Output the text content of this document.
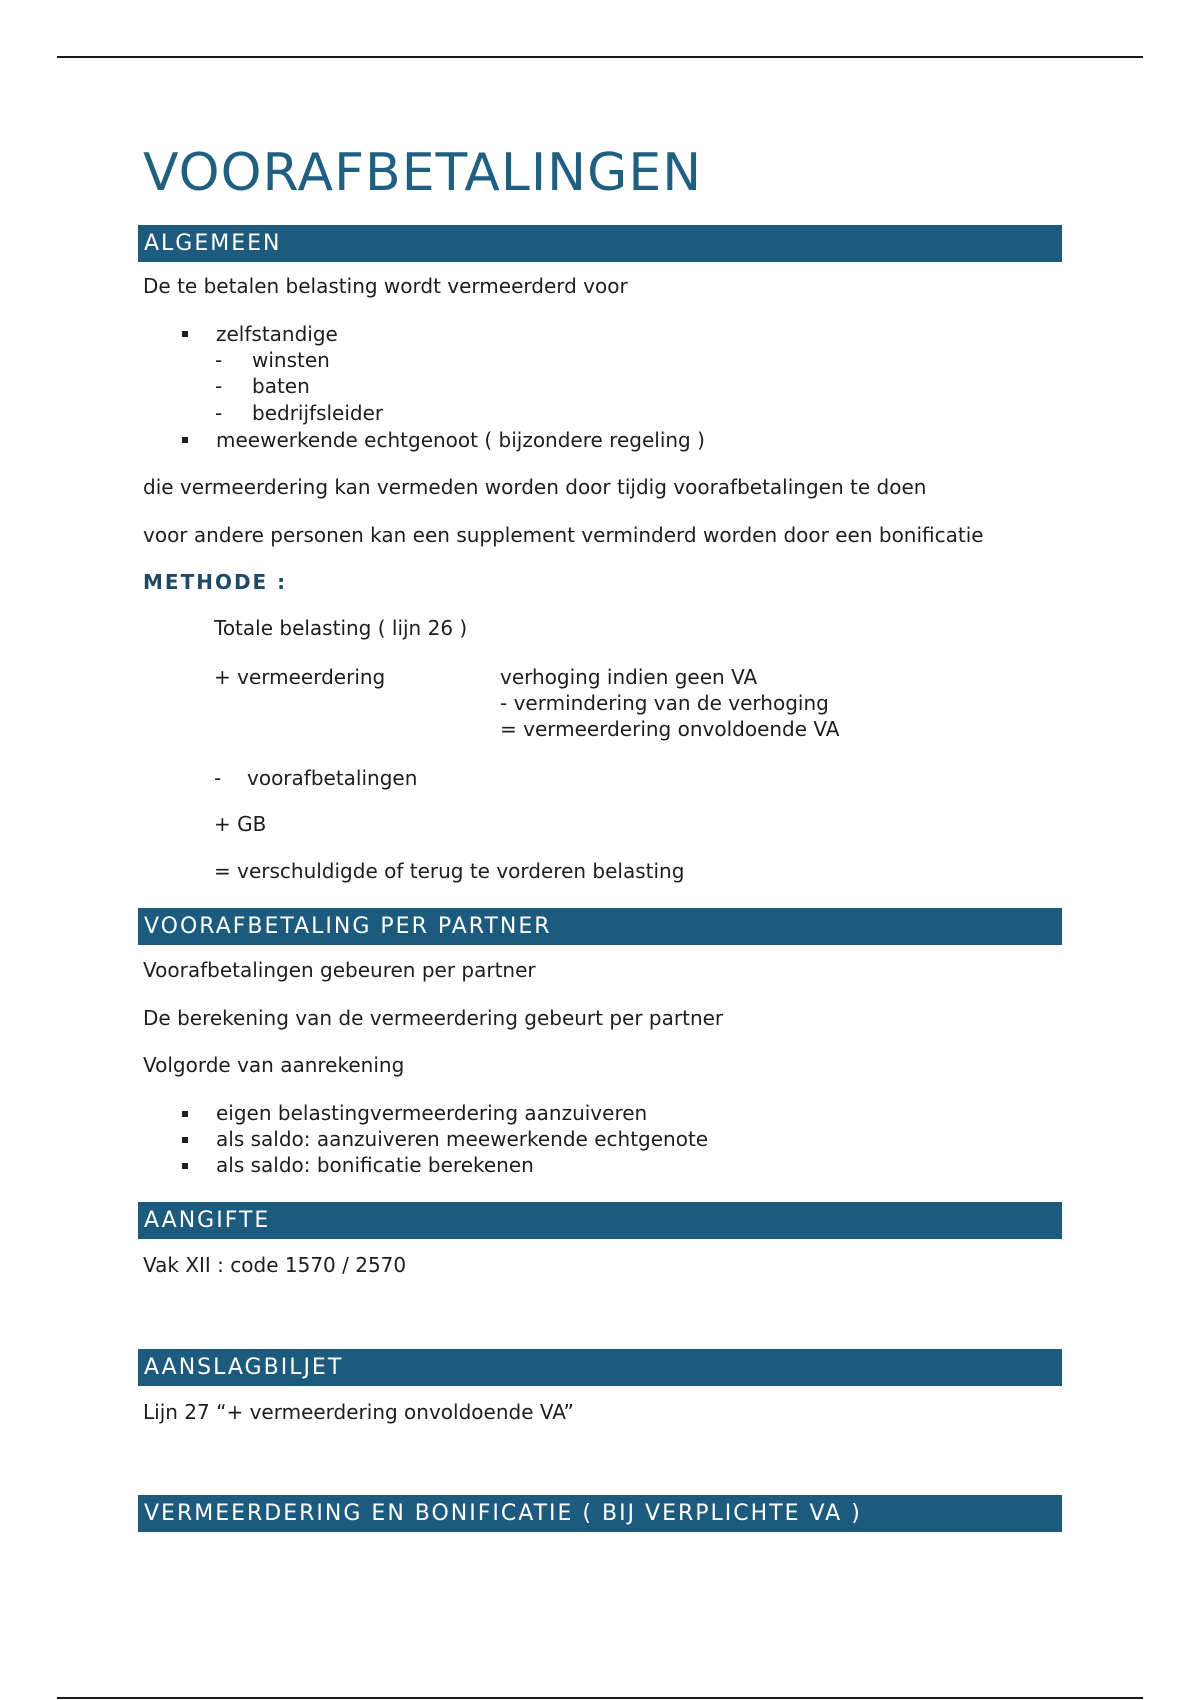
VOORAFBETALINGEN
ALGEMEEN
De te betalen belasting wordt vermeerderd voor
zelfstandige
- winsten
- baten
- bedrijfsleider
meewerkende echtgenoot ( bijzondere regeling )
die vermeerdering kan vermeden worden door tijdig voorafbetalingen te doen
voor andere personen kan een supplement verminderd worden door een bonificatie
METHODE :
Totale belasting ( lijn 26 )
+ vermeerdering	verhoging indien geen VA
- vermindering van de verhoging
= vermeerdering onvoldoende VA
- voorafbetalingen
+ GB
= verschuldigde of terug te vorderen belasting
VOORAFBETALING PER PARTNER
Voorafbetalingen gebeuren per partner
De berekening van de vermeerdering gebeurt per partner
Volgorde van aanrekening
eigen belastingvermeerdering aanzuiveren
als saldo: aanzuiveren meewerkende echtgenote
als saldo: bonificatie berekenen
AANGIFTE
Vak XII : code 1570 / 2570
AANSLAGBILJET
Lijn 27 “+ vermeerdering onvoldoende VA”
VERMEERDERING EN BONIFICATIE ( BIJ VERPLICHTE VA )
